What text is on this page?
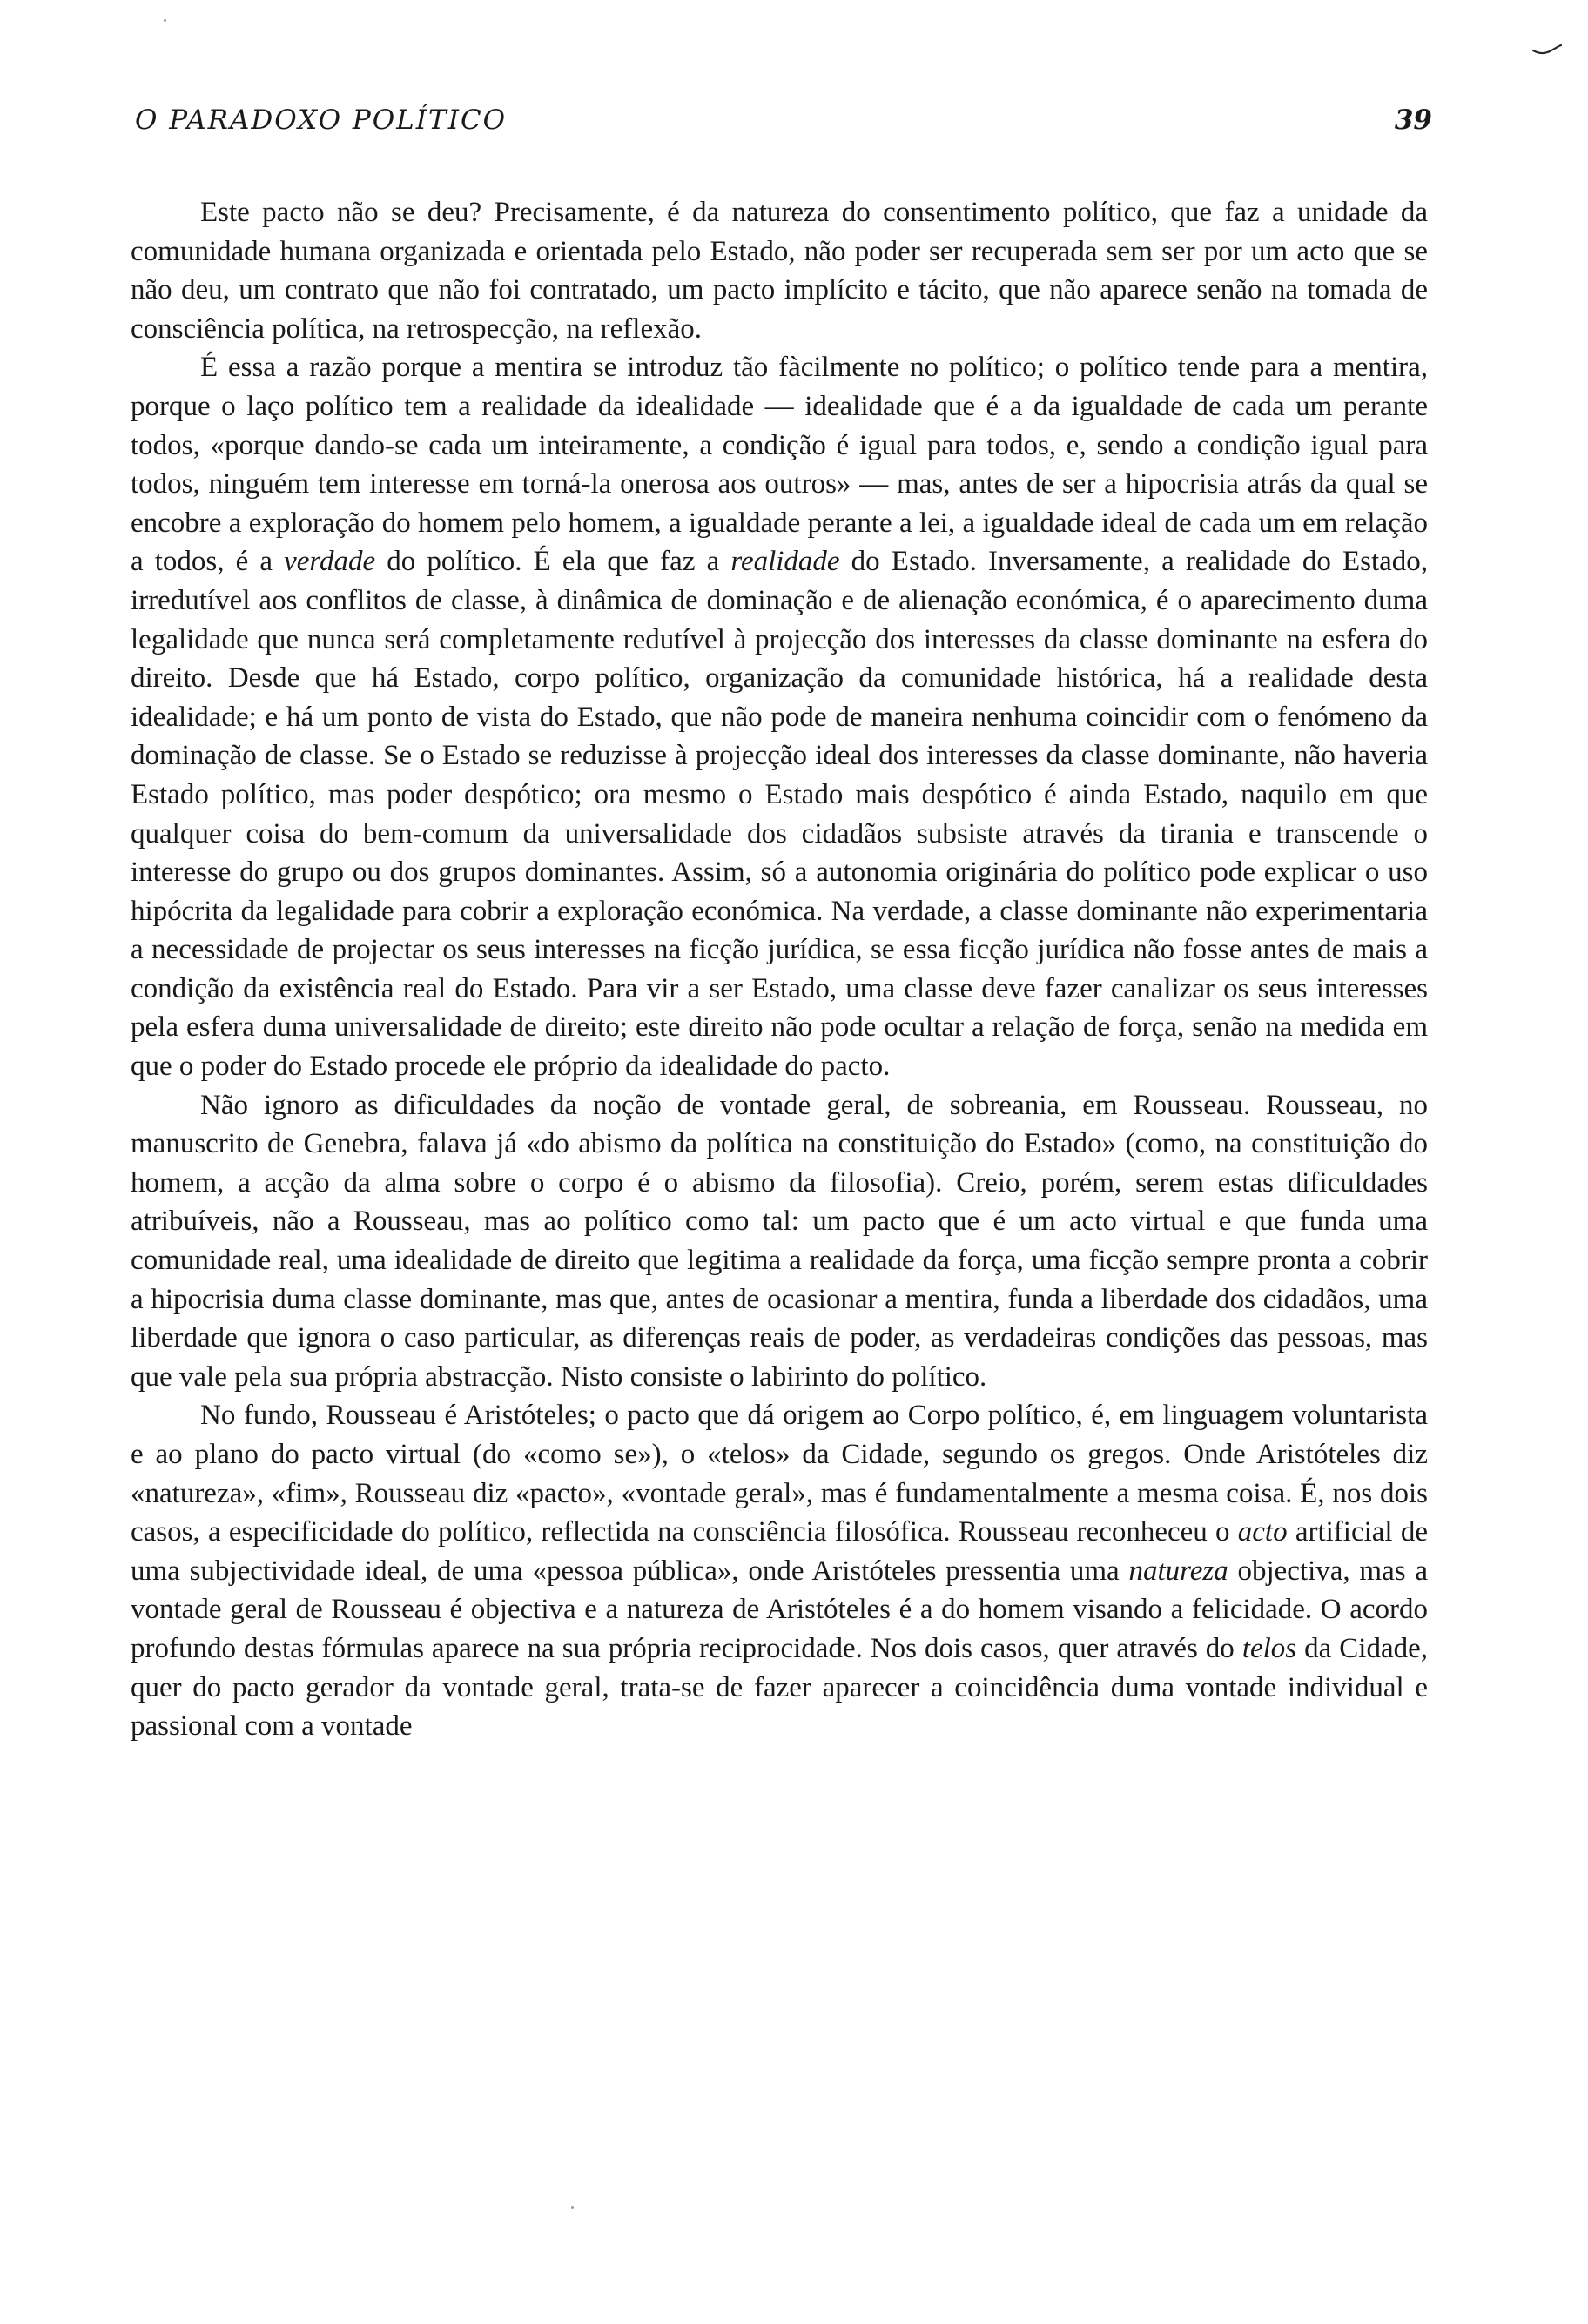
O PARADOXO POLÍTICO	39

Este pacto não se deu? Precisamente, é da natureza do consentimento político, que faz a unidade da comunidade humana organizada e orientada pelo Estado, não poder ser recuperada sem ser por um acto que se não deu, um contrato que não foi contratado, um pacto implícito e tácito, que não aparece senão na tomada de consciência política, na retrospecção, na reflexão.

É essa a razão porque a mentira se introduz tão fàcilmente no político; o político tende para a mentira, porque o laço político tem a realidade da idealidade — idealidade que é a da igualdade de cada um perante todos, «porque dando-se cada um inteiramente, a condição é igual para todos, e, sendo a condição igual para todos, ninguém tem interesse em torná-la onerosa aos outros» — mas, antes de ser a hipocrisia atrás da qual se encobre a exploração do homem pelo homem, a igualdade perante a lei, a igualdade ideal de cada um em relação a todos, é a verdade do político. É ela que faz a realidade do Estado. Inversamente, a realidade do Estado, irredutível aos conflitos de classe, à dinâmica de dominação e de alienação económica, é o aparecimento duma legalidade que nunca será completamente redutível à projecção dos interesses da classe dominante na esfera do direito. Desde que há Estado, corpo político, organização da comunidade histórica, há a realidade desta idealidade; e há um ponto de vista do Estado, que não pode de maneira nenhuma coincidir com o fenómeno da dominação de classe. Se o Estado se reduzisse à projecção ideal dos interesses da classe dominante, não haveria Estado político, mas poder despótico; ora mesmo o Estado mais despótico é ainda Estado, naquilo em que qualquer coisa do bem-comum da universalidade dos cidadãos subsiste através da tirania e transcende o interesse do grupo ou dos grupos dominantes. Assim, só a autonomia originária do político pode explicar o uso hipócrita da legalidade para cobrir a exploração económica. Na verdade, a classe dominante não experimentaria a necessidade de projectar os seus interesses na ficção jurídica, se essa ficção jurídica não fosse antes de mais a condição da existência real do Estado. Para vir a ser Estado, uma classe deve fazer canalizar os seus interesses pela esfera duma universalidade de direito; este direito não pode ocultar a relação de força, senão na medida em que o poder do Estado procede ele próprio da idealidade do pacto.

Não ignoro as dificuldades da noção de vontade geral, de sobreania, em Rousseau. Rousseau, no manuscrito de Genebra, falava já «do abismo da política na constituição do Estado» (como, na constituição do homem, a acção da alma sobre o corpo é o abismo da filosofia). Creio, porém, serem estas dificuldades atribuíveis, não a Rousseau, mas ao político como tal: um pacto que é um acto virtual e que funda uma comunidade real, uma idealidade de direito que legitima a realidade da força, uma ficção sempre pronta a cobrir a hipocrisia duma classe dominante, mas que, antes de ocasionar a mentira, funda a liberdade dos cidadãos, uma liberdade que ignora o caso particular, as diferenças reais de poder, as verdadeiras condições das pessoas, mas que vale pela sua própria abstracção. Nisto consiste o labirinto do político.

No fundo, Rousseau é Aristóteles; o pacto que dá origem ao Corpo político, é, em linguagem voluntarista e ao plano do pacto virtual (do «como se»), o «telos» da Cidade, segundo os gregos. Onde Aristóteles diz «natureza», «fim», Rousseau diz «pacto», «vontade geral», mas é fundamentalmente a mesma coisa. É, nos dois casos, a especificidade do político, reflectida na consciência filosófica. Rousseau reconheceu o acto artificial de uma subjectividade ideal, de uma «pessoa pública», onde Aristóteles pressentia uma natureza objectiva, mas a vontade geral de Rousseau é objectiva e a natureza de Aristóteles é a do homem visando a felicidade. O acordo profundo destas fórmulas aparece na sua própria reciprocidade. Nos dois casos, quer através do telos da Cidade, quer do pacto gerador da vontade geral, trata-se de fazer aparecer a coincidência duma vontade individual e passional com a vontade
